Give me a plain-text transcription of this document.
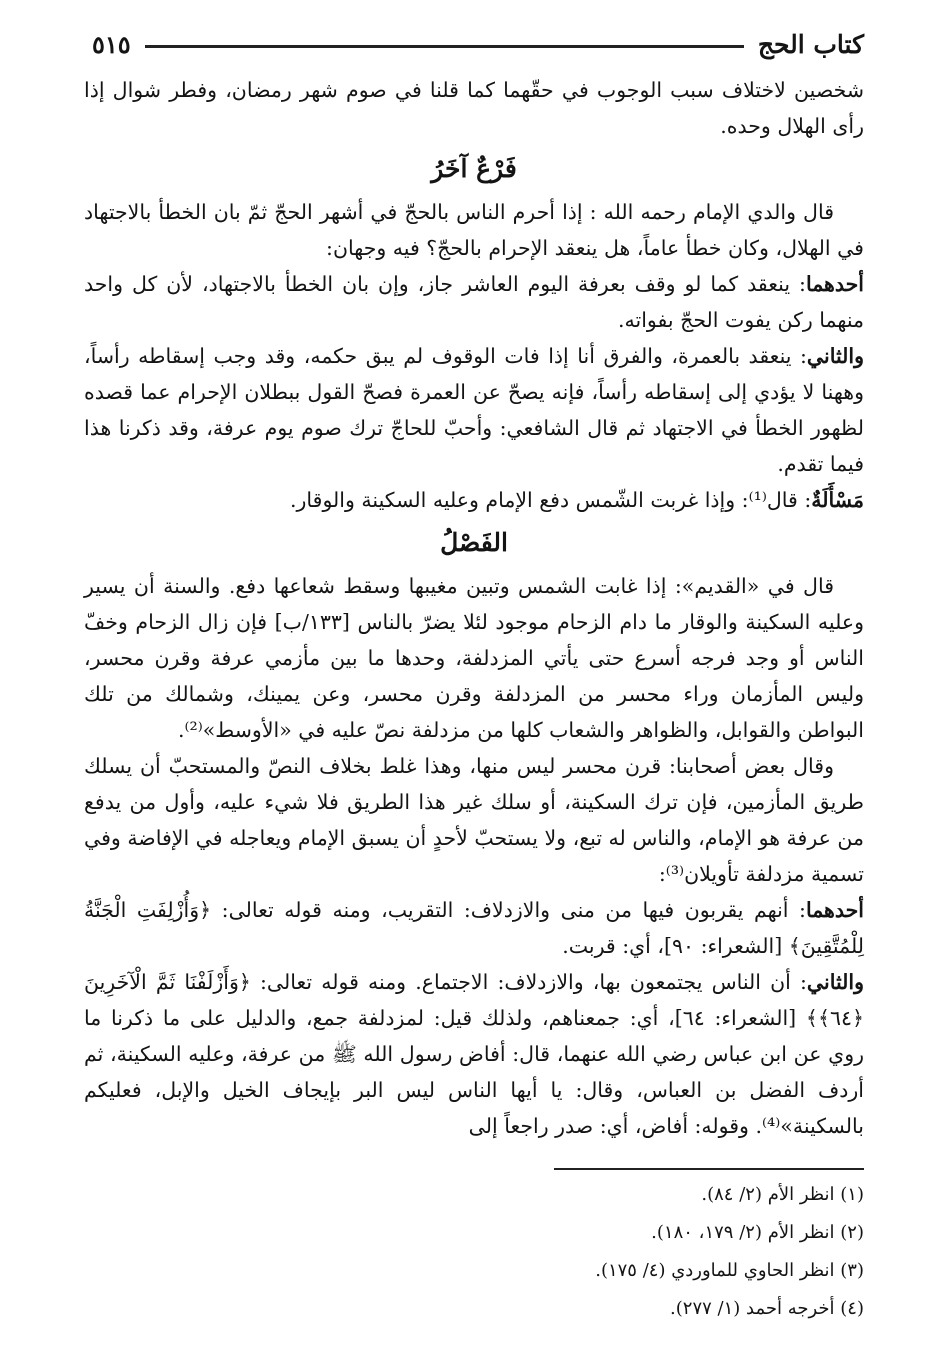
كتاب الحج
٥١٥

شخصين لاختلاف سبب الوجوب في حقّهما كما قلنا في صوم شهر رمضان، وفطر شوال إذا رأى الهلال وحده.

فَرْعٌ آخَرُ

قال والدي الإمام رحمه الله : إذا أحرم الناس بالحجّ في أشهر الحجّ ثمّ بان الخطأ بالاجتهاد في الهلال، وكان خطأ عاماً، هل ينعقد الإحرام بالحجّ؟ فيه وجهان:

أحدهما: ينعقد كما لو وقف بعرفة اليوم العاشر جاز، وإن بان الخطأ بالاجتهاد، لأن كل واحد منهما ركن يفوت الحجّ بفواته.

والثاني: ينعقد بالعمرة، والفرق أنا إذا فات الوقوف لم يبق حكمه، وقد وجب إسقاطه رأساً، وههنا لا يؤدي إلى إسقاطه رأساً، فإنه يصحّ عن العمرة فصحّ القول ببطلان الإحرام عما قصده لظهور الخطأ في الاجتهاد ثم قال الشافعي: وأحبّ للحاجّ ترك صوم يوم عرفة، وقد ذكرنا هذا فيما تقدم.

مَسْأَلَةٌ: قال⁽¹⁾: وإذا غربت الشّمس دفع الإمام وعليه السكينة والوقار.

الفَصْلُ

قال في «القديم»: إذا غابت الشمس وتبين مغيبها وسقط شعاعها دفع. والسنة أن يسير وعليه السكينة والوقار ما دام الزحام موجود لئلا يضرّ بالناس [١٣٣/ب] فإن زال الزحام وخفّ الناس أو وجد فرجه أسرع حتى يأتي المزدلفة، وحدها ما بين مأزمي عرفة وقرن محسر، وليس المأزمان وراء محسر من المزدلفة وقرن محسر، وعن يمينك، وشمالك من تلك البواطن والقوابل، والظواهر والشعاب كلها من مزدلفة نصّ عليه في «الأوسط»⁽²⁾.

وقال بعض أصحابنا: قرن محسر ليس منها، وهذا غلط بخلاف النصّ والمستحبّ أن يسلك طريق المأزمين، فإن ترك السكينة، أو سلك غير هذا الطريق فلا شيء عليه، وأول من يدفع من عرفة هو الإمام، والناس له تبع، ولا يستحبّ لأحدٍ أن يسبق الإمام ويعاجله في الإفاضة وفي تسمية مزدلفة تأويلان⁽³⁾:

أحدهما: أنهم يقربون فيها من منى والازدلاف: التقريب، ومنه قوله تعالى: ﴿وَأُزْلِفَتِ الْجَنَّةُ لِلْمُتَّقِينَ﴾ [الشعراء: ٩٠]، أي: قربت.

والثاني: أن الناس يجتمعون بها، والازدلاف: الاجتماع. ومنه قوله تعالى: ﴿وَأَزْلَفْنَا ثَمَّ الْآخَرِينَ ﴿٦٤﴾﴾ [الشعراء: ٦٤]، أي: جمعناهم، ولذلك قيل: لمزدلفة جمع، والدليل على ما ذكرنا ما روي عن ابن عباس رضي الله عنهما، قال: أفاض رسول الله ﷺ من عرفة، وعليه السكينة، ثم أردف الفضل بن العباس، وقال: يا أيها الناس ليس البر بإيجاف الخيل والإبل، فعليكم بالسكينة»⁽⁴⁾. وقوله: أفاض، أي: صدر راجعاً إلى

(١) انظر الأم (٢/ ٨٤).
(٢) انظر الأم (٢/ ١٧٩، ١٨٠).
(٣) انظر الحاوي للماوردي (٤/ ١٧٥).
(٤) أخرجه أحمد (١/ ٢٧٧).
